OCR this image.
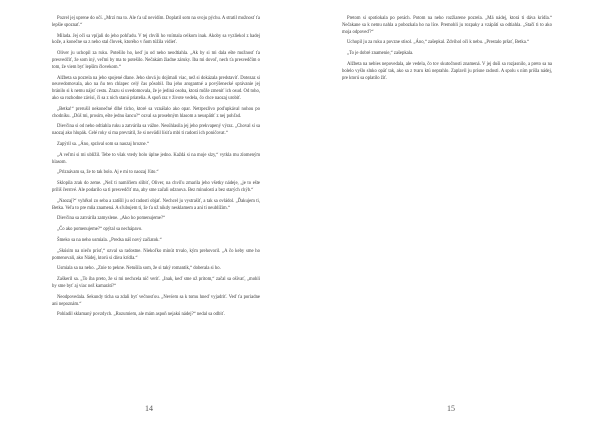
Pozrel jej uprene do očí. „Mrzí ma to. Ale ťa už nevidím. Doplatil som na svoju pýchu. A stratil možnosť ťa lepšie spoznať.“

Milada. Jej oči sa vpíjali do jeho pohľadu. V tej chvíli ho vnímala celkom inak. Akoby sa vyzliekol z hadej kože, a konečne sa z neho stal človek, ktorého v ňom túžila vidieť.

Oliver ju uchopil za ruku. Potešilo ho, keď ju od neho neodtiahla. „Ak by si mi dala ešte možnosť ťa presvedčiť, že som iný, veľmi by ma to potešilo. Nečakám žiadne záruky. Iba mi dovoľ, nech ťa presvedčím o tom, že viem byť lepším človekom.“

Alžbeta sa pozrela na jeho spojené dlane. Jeho slová ju dojímali viac, než si dokázala predstaviť. Dotezaz si neuvedomovala, ako na ňu ten chlapec celý čas pôsobil. Iba jeho arogantné a povýšenecké správanie jej bránilo si k nemu nájsť cestu. Zrazu si uvedomovala, že je jediná osoba, ktorá môže zmeniť ich osud. Od toho, ako sa rozhodne závisí, či sa z nich stanú priatelia. A spoň raz v živote vedela, čo chce naozaj urobiť.

„Betka!“ prerušil nekonečné dlhé ticho, ktoré sa vznášalo ako opar. Netrpezlivo poďupkával nohou po chodníku. „Dúš mi, prosím, ešte jednu šancu?“ ozval sa prosebným hlasom a neuspätiť z nej pohľad.

Dievčina si od neho odtiahla ruku a zatvárila sa vážne. Nesúhlasila jej jeho prekvapený výraz. „Choval si sa naozaj ako hlupák. Celé roky si ma prevrátil, že si nevädil lísiťa mbi ti radosti ich poničovat.“

Zapýril sa. „Áno, správal som sa naozaj hrozne.“

„A veľmi si mi ublížil. Tebe to však vtedy bolo úplne jedno. Každá si na moje slzy,“ vytkla mu zlomeným hlasom.

„Priznávam sa, že to tak bolo. Aj e mi to naozaj ľúto.“

Sklopila zrak do zeme. „Než ti namlčiem slíbiť, Oliver, na chvíľu zmarila jeho všetky nádeje, „je to ešte príliš čerstvé. Ale podarilo sa ti presvedčiť ma, aby sme začali odznova. Bez minulosti a bez starých chýb.“

„Naozaj?“ vyhŕkol zo seba a zatíšil ju od radosti objať. Nechcel ju vystrašiť, a tak sa ovládol. „Ďakujem ti, Betka. Veľa to pre mňa znamená. A sľubujem ti, že ťa už nikdy nesklamem a ani ti neublížim.“

Dievčina sa zatvárila zamyslene. „Ako ho pomenujeme?“

„Čo ako pomenujeme?“ opýtal sa nechápavo.

Šmeko sa na neho usmiala. „Predsa náš nový začiatok.“

„Skúsim na niečo prísť,“ ozval sa radostne. Niekoľko minút trvalo, kým prehovoril. „A čo keby sme ho pomenovali, ako Nádej, ktorú si dáva krídla.“

Usmiala sa na neho. „Znie to pekne. Netušila som, že si taký romantik,“ doberala si ho.

Zaškeril sa. „To iba preto, že si mi nechcela nič veriť. „Inak, keď sme už pritom,“ začal sa ošívať, „mohli by sme byť aj viac než kamaráti?“

Neodpovedala. Sekundy ticha sa zdali byť večnosťou. „Nevíem sa k tomu hneď vyjadriť. Veď ťa poriadne ani nepoznám.“

Pohladil sklamaný povzdych. „Rozumiem, ale mám aspoň nejakú nádej?“ nedal sa odbiť.

14

Pretom si spotiokala po perách. Potom na neho rozžiarene pozrela. „Má nádej, ktorá ti dáva krídla.“ Nečakane sa k nemu nahla a pobozkala ho na líce. Premohli ju rozpaky a vzápätí sa odtiahla. „Stačí ti to ako moja odpoveď?“

Uchopil ju za ruku a povzne stisol. „Áno,“ zašepkal. Zdvihol oči k nebu. „Prestalo pršať, Betka.“

„To je dobré znamenie,“ zašepkala.

Alžbeta na nebies nepovedala, ale vedela, čo tov skutočnosti znamená. V jej duši sa rozjasnilo, a preto sa na bolelo vyšlo slnko opäť tak, ako sa z tvaru ktú neprahlo. Zaplavil ju prísne radosti. A spolu s ním prišla nádej, pre ktorú sa oplatilo žiť.

15
